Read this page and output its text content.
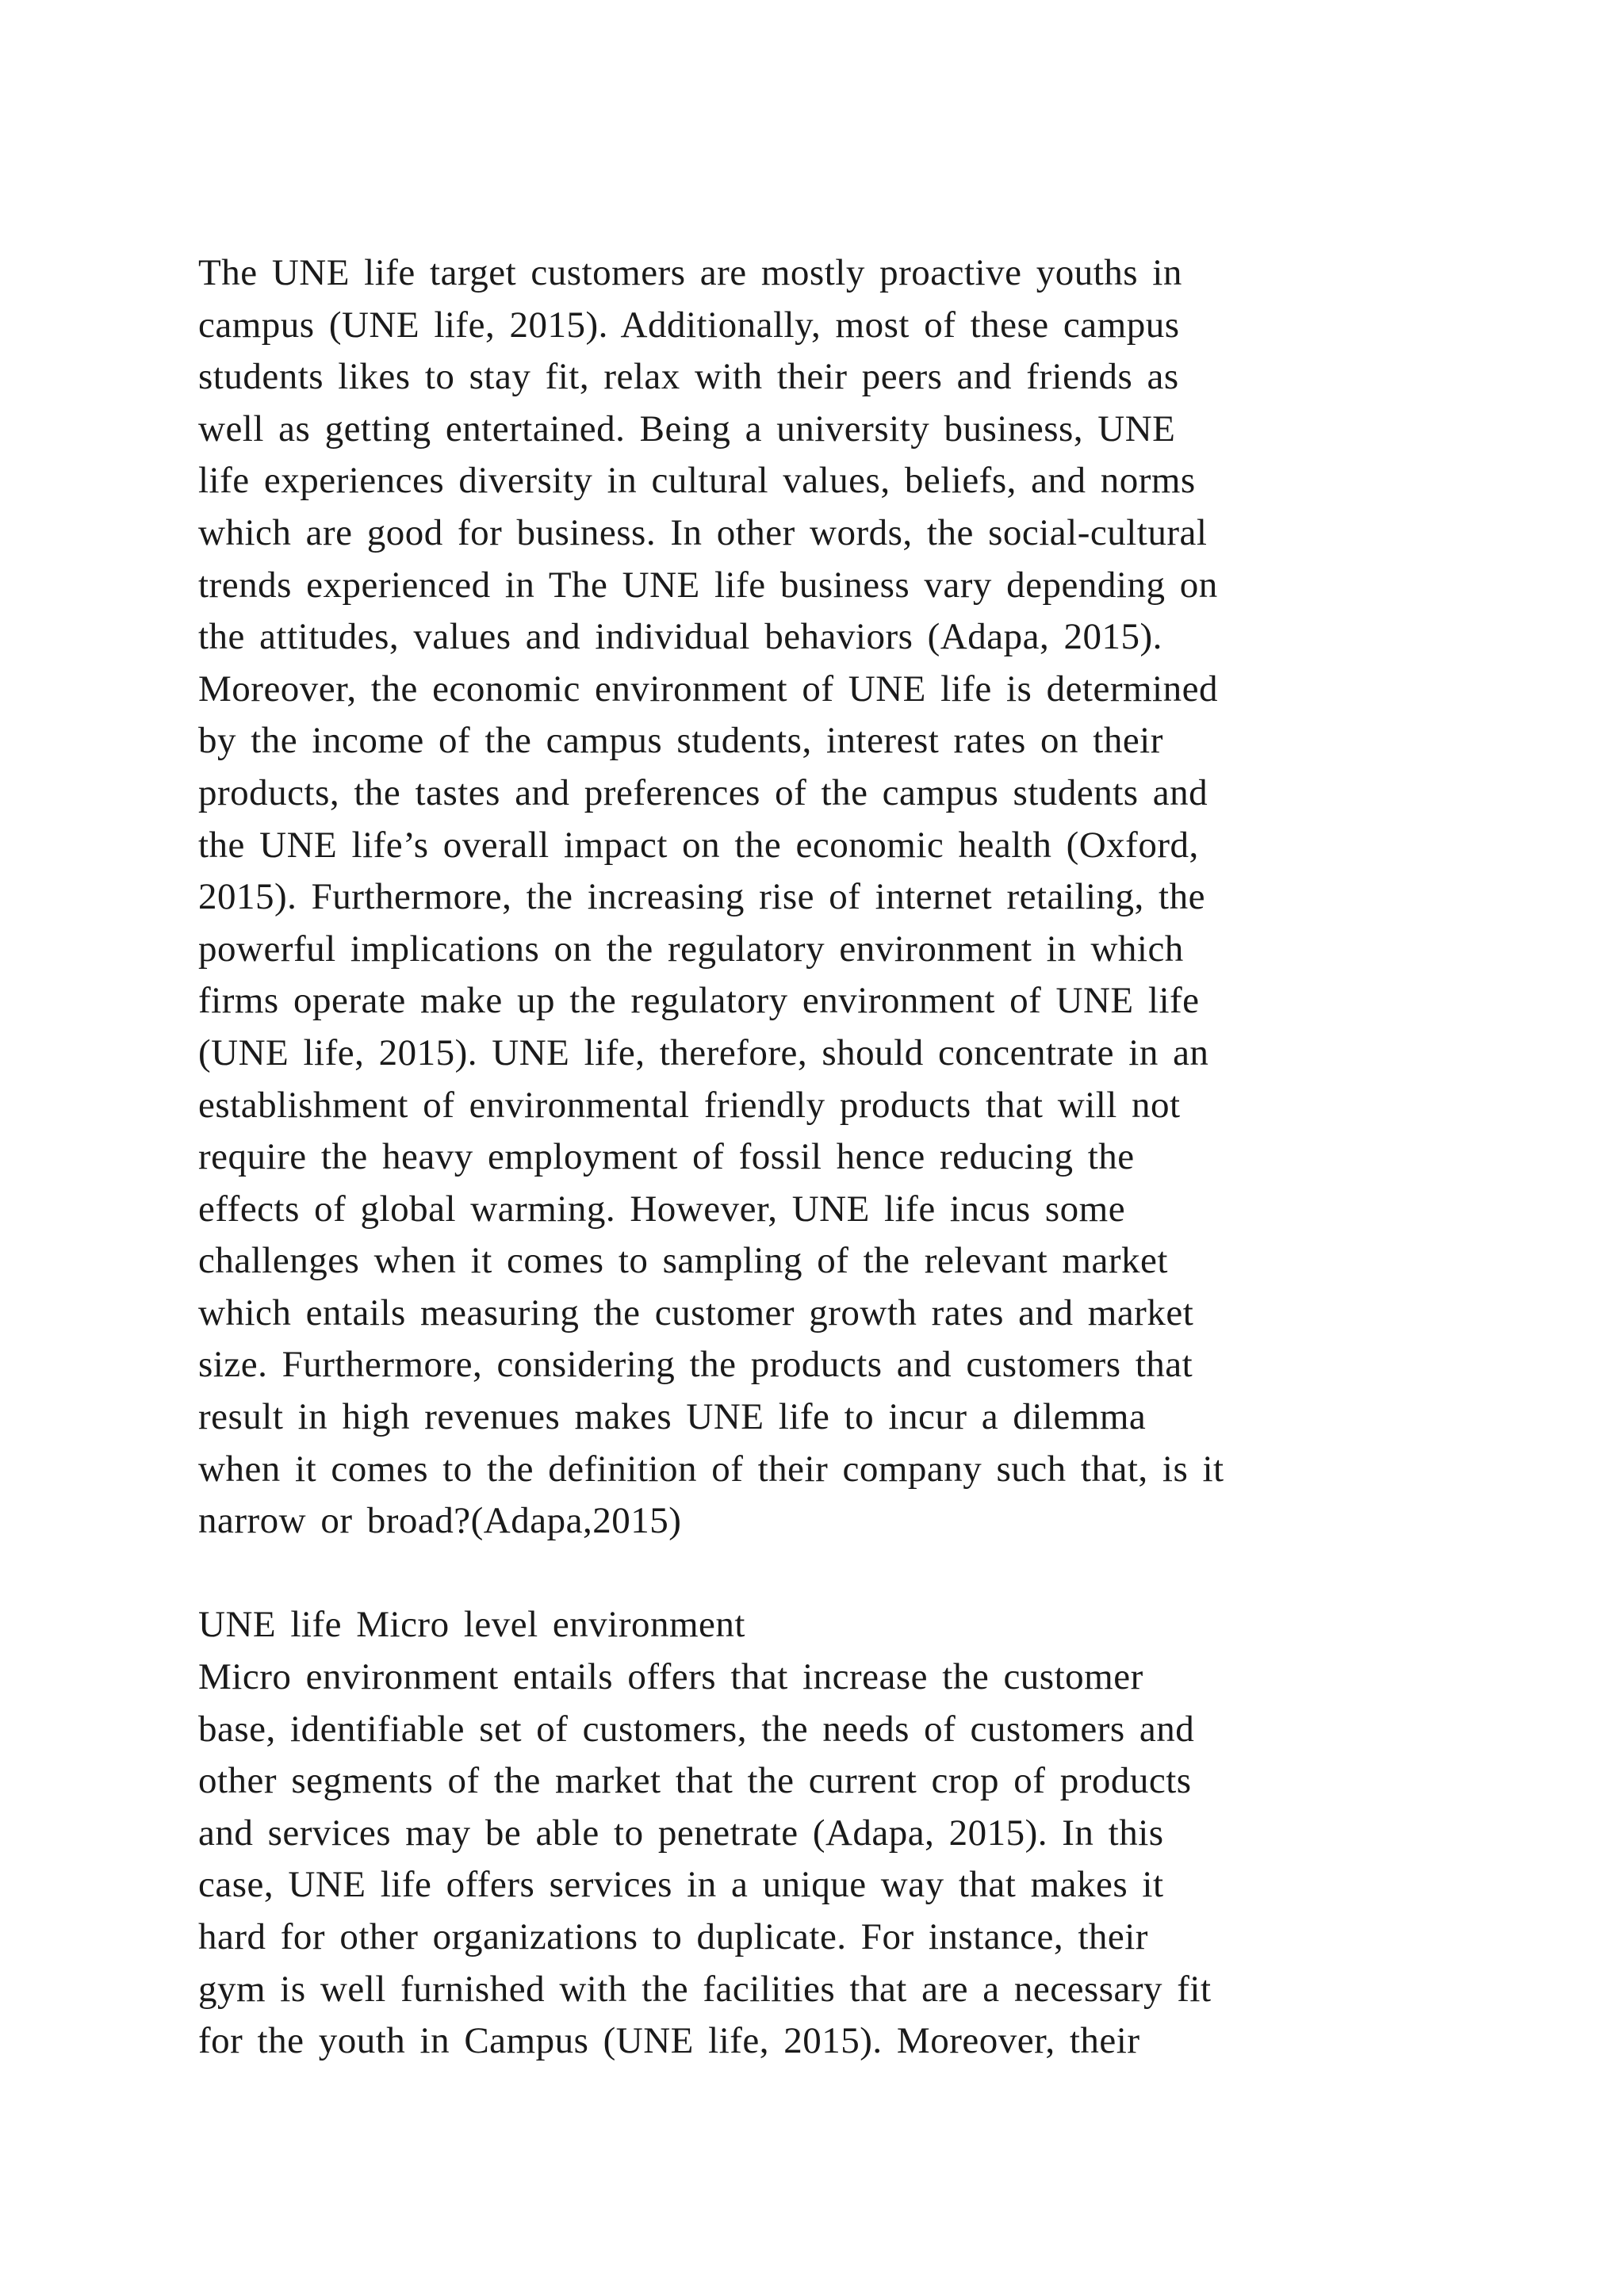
The UNE life target customers are mostly proactive youths in
campus (UNE life, 2015). Additionally, most of these campus
students likes to stay fit, relax with their peers and friends as
well as getting entertained. Being a university business, UNE
life experiences diversity in cultural values, beliefs, and norms
which are good for business. In other words, the social-cultural
trends experienced in The UNE life business vary depending on
the attitudes, values and individual behaviors (Adapa, 2015).
Moreover, the economic environment of UNE life is determined
by the income of the campus students, interest rates on their
products, the tastes and preferences of the campus students and
the UNE life’s overall impact on the economic health (Oxford,
2015). Furthermore, the increasing rise of internet retailing, the
powerful implications on the regulatory environment in which
firms operate make up the regulatory environment of UNE life
(UNE life, 2015). UNE life, therefore, should concentrate in an
establishment of environmental friendly products that will not
require the heavy employment of fossil hence reducing the
effects of global warming. However, UNE life incus some
challenges when it comes to sampling of the relevant market
which entails measuring the customer growth rates and market
size. Furthermore, considering the products and customers that
result in high revenues makes UNE life to incur a dilemma
when it comes to the definition of their company such that, is it
narrow or broad?(Adapa,2015)
UNE life Micro level environment
Micro environment entails offers that increase the customer
base, identifiable set of customers, the needs of customers and
other segments of the market that the current crop of products
and services may be able to penetrate (Adapa, 2015). In this
case, UNE life offers services in a unique way that makes it
hard for other organizations to duplicate. For instance, their
gym is well furnished with the facilities that are a necessary fit
for the youth in Campus (UNE life, 2015). Moreover, their
